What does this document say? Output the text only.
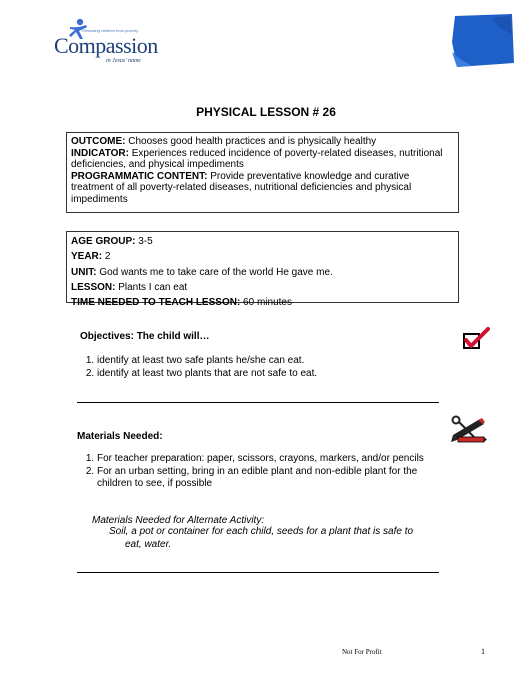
Releasing children from poverty
Compassion
in Jesus' name
PHYSICAL LESSON # 26

OUTCOME: Chooses good health practices and is physically healthy

INDICATOR: Experiences reduced incidence of poverty-related diseases, nutritional deficiencies, and physical impediments

PROGRAMMATIC CONTENT: Provide preventative knowledge and curative treatment of all poverty-related diseases, nutritional deficiencies and physical impediments

AGE GROUP: 3-5

YEAR: 2

UNIT: God wants me to take care of the world He gave me.

LESSON: Plants I can eat

TIME NEEDED TO TEACH LESSON: 60 minutes

Objectives: The child will…
1. identify at least two safe plants he/she can eat.
2. identify at least two plants that are not safe to eat.
Materials Needed:
1. For teacher preparation: paper, scissors, crayons, markers, and/or pencils
2. For an urban setting, bring in an edible plant and non-edible plant for the children to see, if possible
Materials Needed for Alternate Activity:
Soil, a pot or container for each child, seeds for a plant that is safe to
eat, water.
Not For Profit	1
